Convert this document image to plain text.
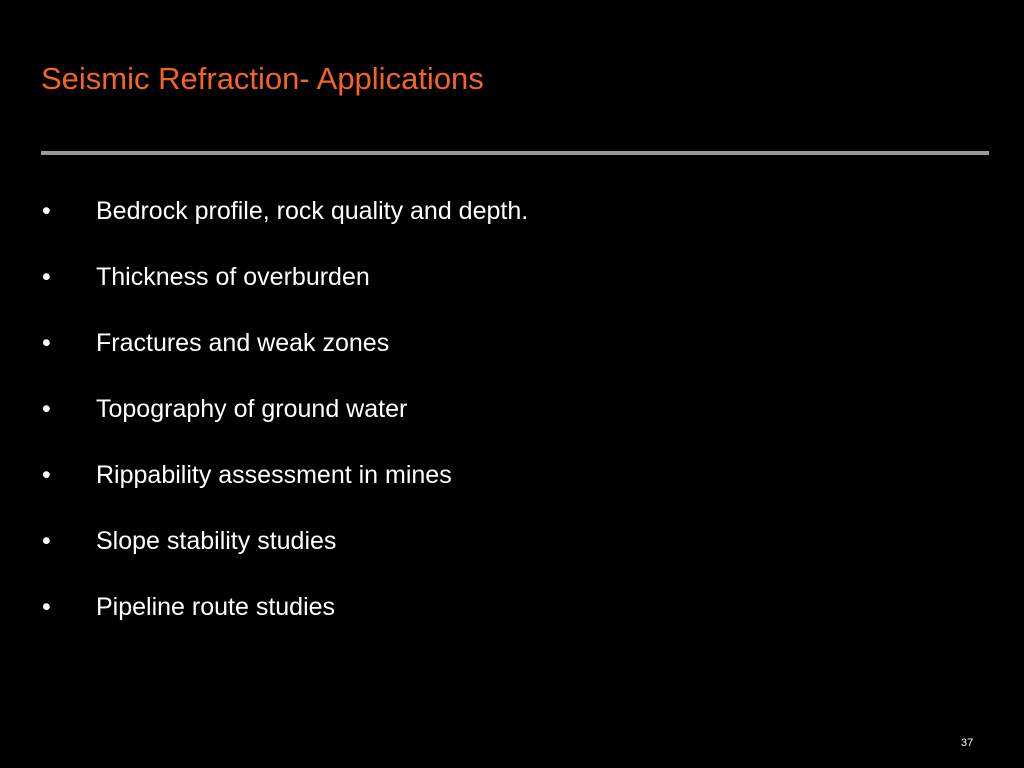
Seismic Refraction- Applications
• Bedrock profile, rock quality and depth.
• Thickness of overburden
• Fractures and weak zones
• Topography of ground water
• Rippability assessment in mines
• Slope stability studies
• Pipeline route studies
37
